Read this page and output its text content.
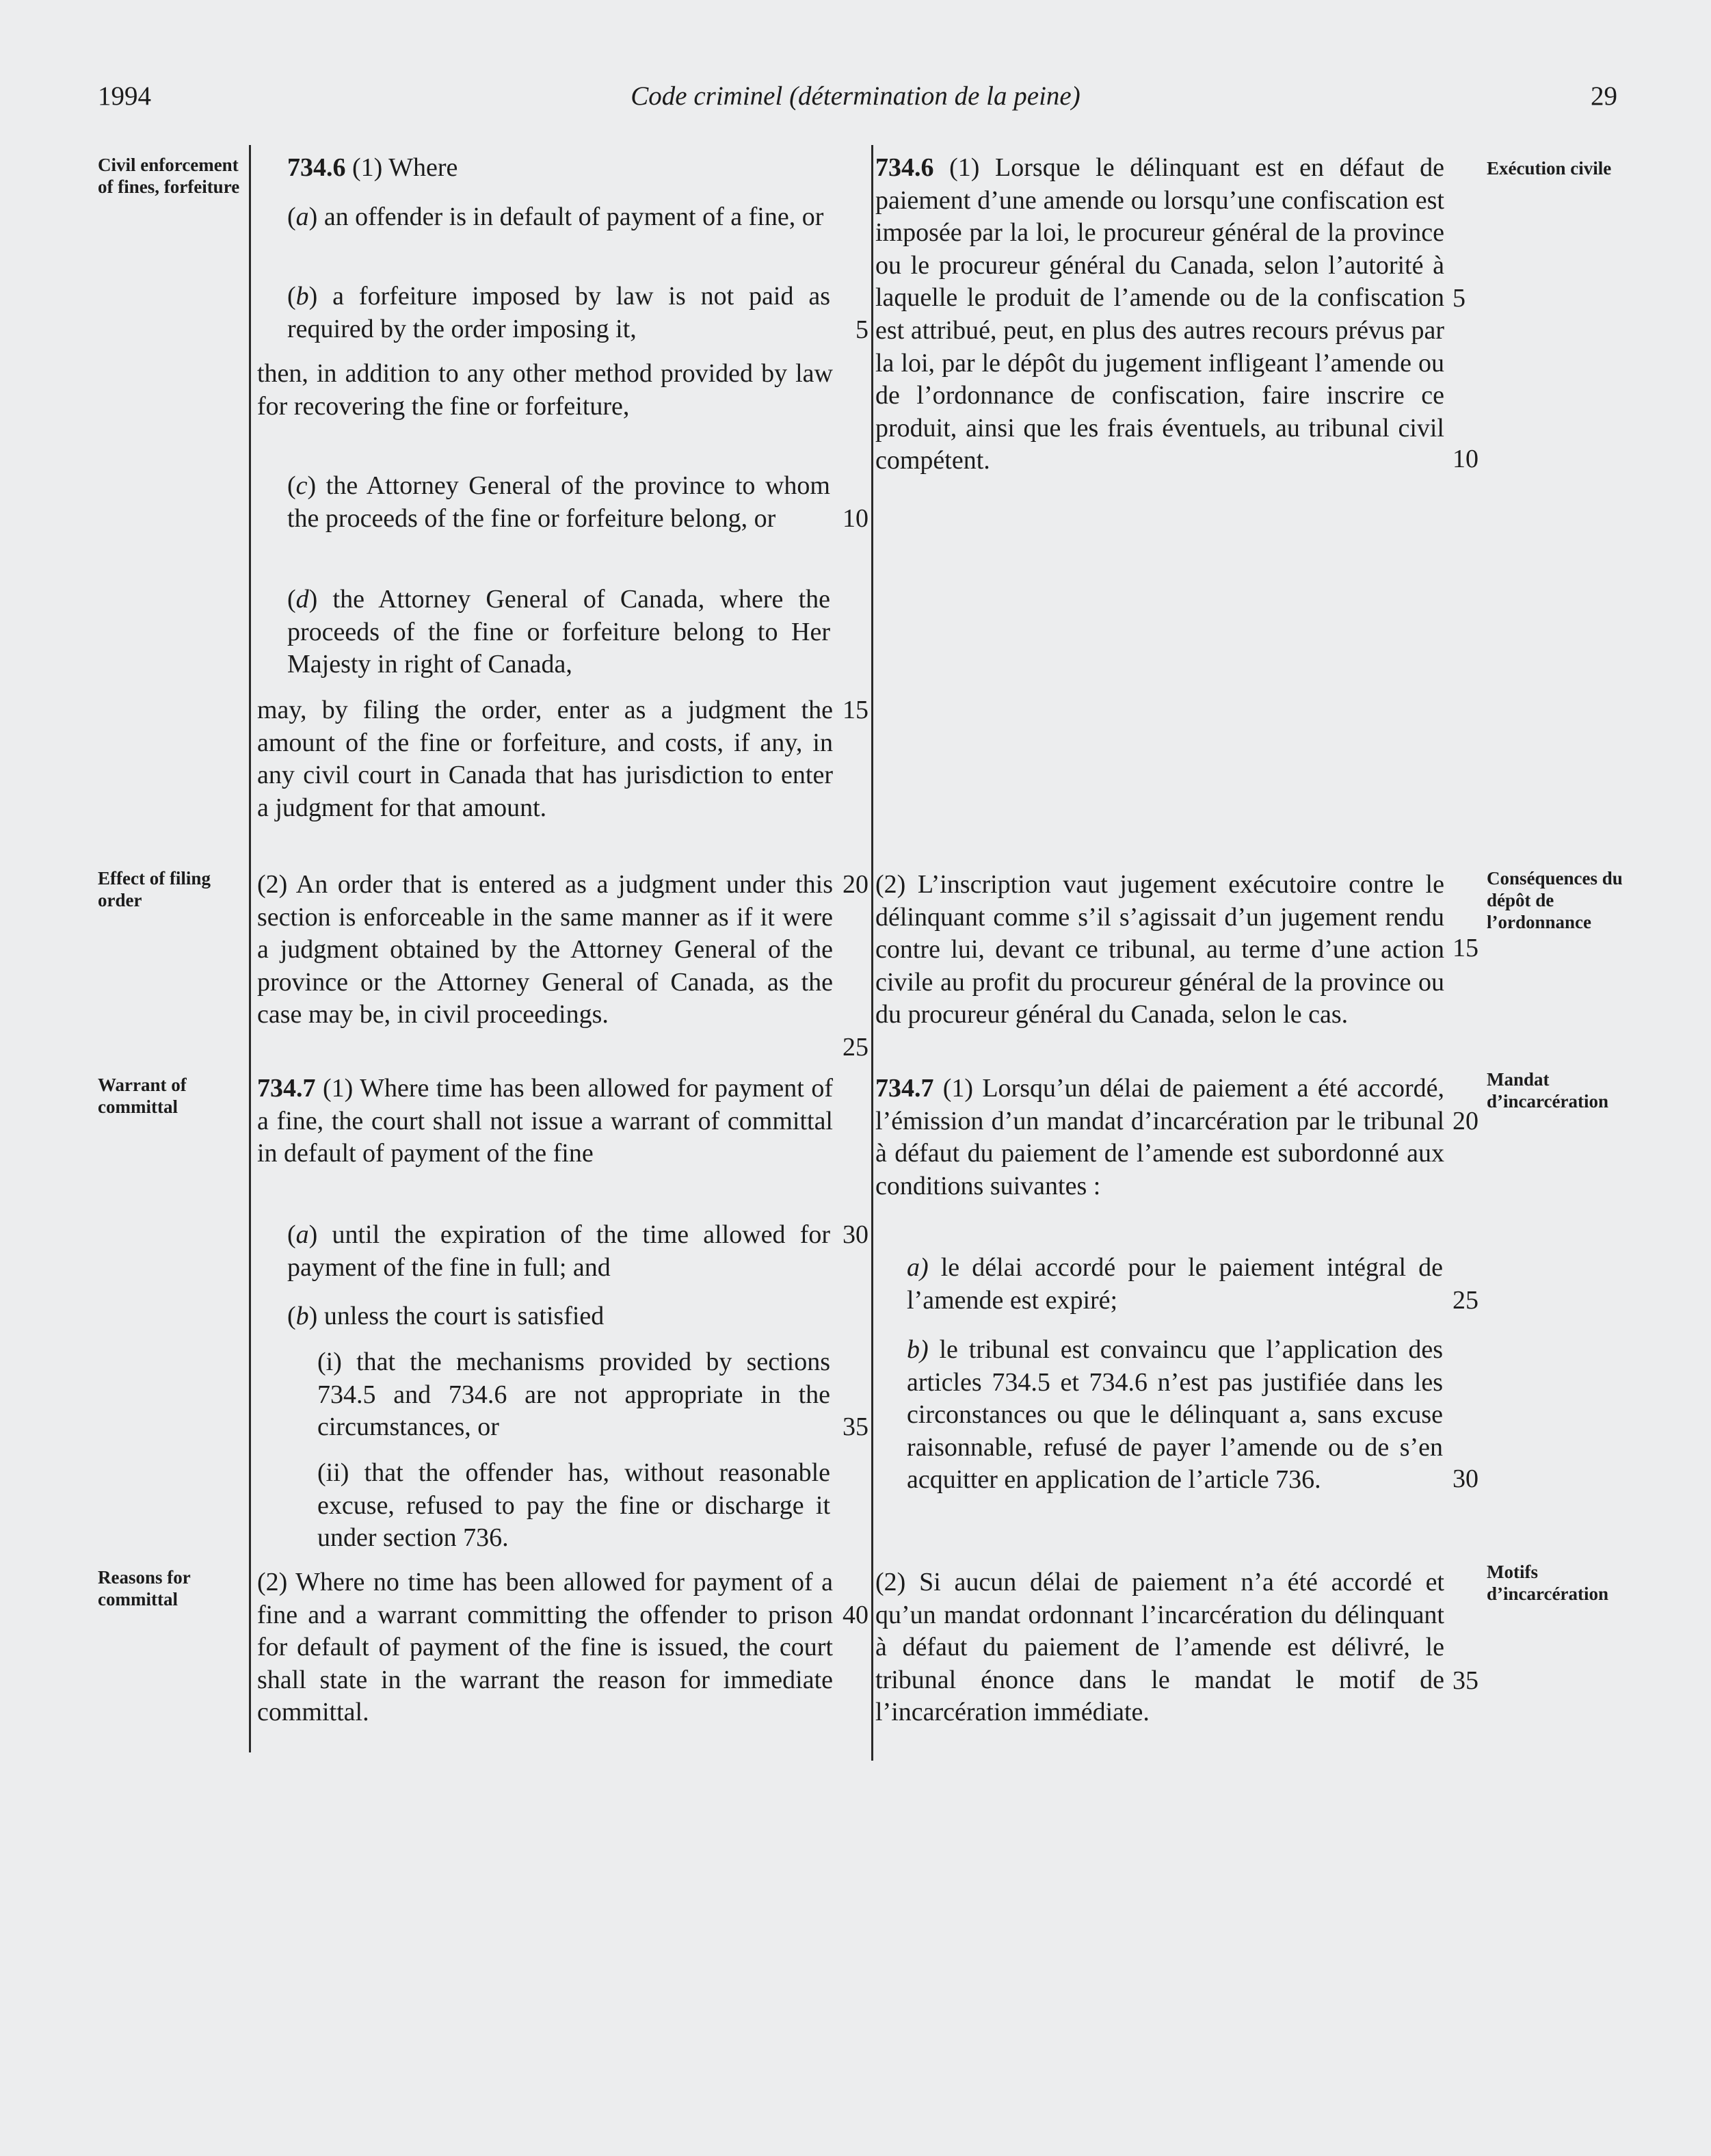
1994	Code criminel (détermination de la peine)	29
Civil enforcement of fines, forfeiture
Effect of filing order
Warrant of committal
Reasons for committal
Exécution civile
Conséquences du dépôt de l’ordonnance
Mandat d’incarcération
Motifs d’incarcération
734.6 (1) Where
(a) an offender is in default of payment of a fine, or
(b) a forfeiture imposed by law is not paid as required by the order imposing it,
then, in addition to any other method provided by law for recovering the fine or forfeiture,
(c) the Attorney General of the province to whom the proceeds of the fine or forfeiture belong, or
(d) the Attorney General of Canada, where the proceeds of the fine or forfeiture belong to Her Majesty in right of Canada,
may, by filing the order, enter as a judgment the amount of the fine or forfeiture, and costs, if any, in any civil court in Canada that has jurisdiction to enter a judgment for that amount.
(2) An order that is entered as a judgment under this section is enforceable in the same manner as if it were a judgment obtained by the Attorney General of the province or the Attorney General of Canada, as the case may be, in civil proceedings.
734.7 (1) Where time has been allowed for payment of a fine, the court shall not issue a warrant of committal in default of payment of the fine
(a) until the expiration of the time allowed for payment of the fine in full; and
(b) unless the court is satisfied
(i) that the mechanisms provided by sections 734.5 and 734.6 are not appropriate in the circumstances, or
(ii) that the offender has, without reasonable excuse, refused to pay the fine or discharge it under section 736.
(2) Where no time has been allowed for payment of a fine and a warrant committing the offender to prison for default of payment of the fine is issued, the court shall state in the warrant the reason for immediate committal.
5
10
15
20
25
30
35
40
734.6 (1) Lorsque le délinquant est en défaut de paiement d’une amende ou lorsqu’une confiscation est imposée par la loi, le procureur général de la province ou le procureur général du Canada, selon l’autorité à laquelle le produit de l’amende ou de la confiscation est attribué, peut, en plus des autres recours prévus par la loi, par le dépôt du jugement infligeant l’amende ou de l’ordonnance de confiscation, faire inscrire ce produit, ainsi que les frais éventuels, au tribunal civil compétent.
(2) L’inscription vaut jugement exécutoire contre le délinquant comme s’il s’agissait d’un jugement rendu contre lui, devant ce tribunal, au terme d’une action civile au profit du procureur général de la province ou du procureur général du Canada, selon le cas.
734.7 (1) Lorsqu’un délai de paiement a été accordé, l’émission d’un mandat d’incarcération par le tribunal à défaut du paiement de l’amende est subordonné aux conditions suivantes :
a) le délai accordé pour le paiement intégral de l’amende est expiré;
b) le tribunal est convaincu que l’application des articles 734.5 et 734.6 n’est pas justifiée dans les circonstances ou que le délinquant a, sans excuse raisonnable, refusé de payer l’amende ou de s’en acquitter en application de l’article 736.
(2) Si aucun délai de paiement n’a été accordé et qu’un mandat ordonnant l’incarcération du délinquant à défaut du paiement de l’amende est délivré, le tribunal énonce dans le mandat le motif de l’incarcération immédiate.
5
10
15
20
25
30
35
